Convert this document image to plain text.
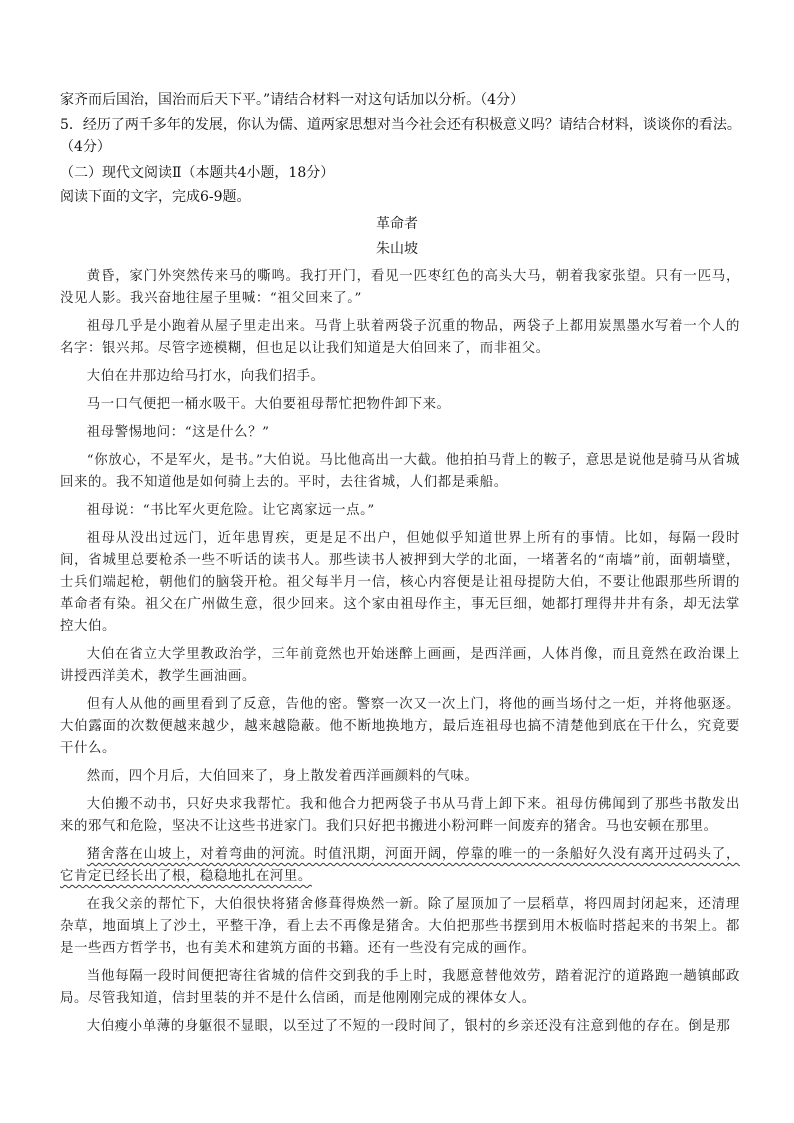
家齐而后国治，国治而后天下平。”请结合材料一对这句话加以分析。（4分）
5．经历了两千多年的发展，你认为儒、道两家思想对当今社会还有积极意义吗？请结合材料，谈谈你的看法。
（4分）
（二）现代文阅读Ⅱ（本题共4小题，18分）
阅读下面的文字，完成6-9题。
革命者
朱山坡

黄昏，家门外突然传来马的嘶鸣。我打开门，看见一匹枣红色的高头大马，朝着我家张望。只有一匹马，没见人影。我兴奋地往屋子里喊：“祖父回来了。”

祖母几乎是小跑着从屋子里走出来。马背上驮着两袋子沉重的物品，两袋子上都用炭黑墨水写着一个人的名字：银兴邦。尽管字迹模糊，但也足以让我们知道是大伯回来了，而非祖父。

大伯在井那边给马打水，向我们招手。

马一口气便把一桶水吸干。大伯要祖母帮忙把物件卸下来。

祖母警惕地问：“这是什么？”

“你放心，不是军火，是书。”大伯说。马比他高出一大截。他拍拍马背上的鞍子，意思是说他是骑马从省城回来的。我不知道他是如何骑上去的。平时，去往省城，人们都是乘船。

祖母说：“书比军火更危险。让它离家远一点。”

祖母从没出过远门，近年患胃疾，更是足不出户，但她似乎知道世界上所有的事情。比如，每隔一段时间，省城里总要枪杀一些不听话的读书人。那些读书人被押到大学的北面，一堵著名的“南墙”前，面朝墙壁，士兵们端起枪，朝他们的脑袋开枪。祖父每半月一信，核心内容便是让祖母提防大伯，不要让他跟那些所谓的革命者有染。祖父在广州做生意，很少回来。这个家由祖母作主，事无巨细，她都打理得井井有条，却无法掌控大伯。

大伯在省立大学里教政治学，三年前竟然也开始迷醉上画画，是西洋画，人体肖像，而且竟然在政治课上讲授西洋美术，教学生画油画。

但有人从他的画里看到了反意，告他的密。警察一次又一次上门，将他的画当场付之一炬，并将他驱逐。大伯露面的次数便越来越少，越来越隐蔽。他不断地换地方，最后连祖母也搞不清楚他到底在干什么，究竟要干什么。

然而，四个月后，大伯回来了，身上散发着西洋画颜料的气味。

大伯搬不动书，只好央求我帮忙。我和他合力把两袋子书从马背上卸下来。祖母仿佛闻到了那些书散发出来的邪气和危险，坚决不让这些书进家门。我们只好把书搬进小粉河畔一间废弃的猪舍。马也安顿在那里。

猪舍落在山坡上，对着弯曲的河流。时值汛期，河面开阔，停靠的唯一的一条船好久没有离开过码头了，它肯定已经长出了根，稳稳地扎在河里。

在我父亲的帮忙下，大伯很快将猪舍修葺得焕然一新。除了屋顶加了一层稻草，将四周封闭起来，还清理杂草，地面填上了沙土，平整干净，看上去不再像是猪舍。大伯把那些书摆到用木板临时搭起来的书架上。都是一些西方哲学书，也有美术和建筑方面的书籍。还有一些没有完成的画作。

当他每隔一段时间便把寄往省城的信件交到我的手上时，我愿意替他效劳，踏着泥泞的道路跑一趟镇邮政局。尽管我知道，信封里装的并不是什么信函，而是他刚刚完成的裸体女人。

大伯瘦小单薄的身躯很不显眼，以至过了不短的一段时间了，银村的乡亲还没有注意到他的存在。倒是那
